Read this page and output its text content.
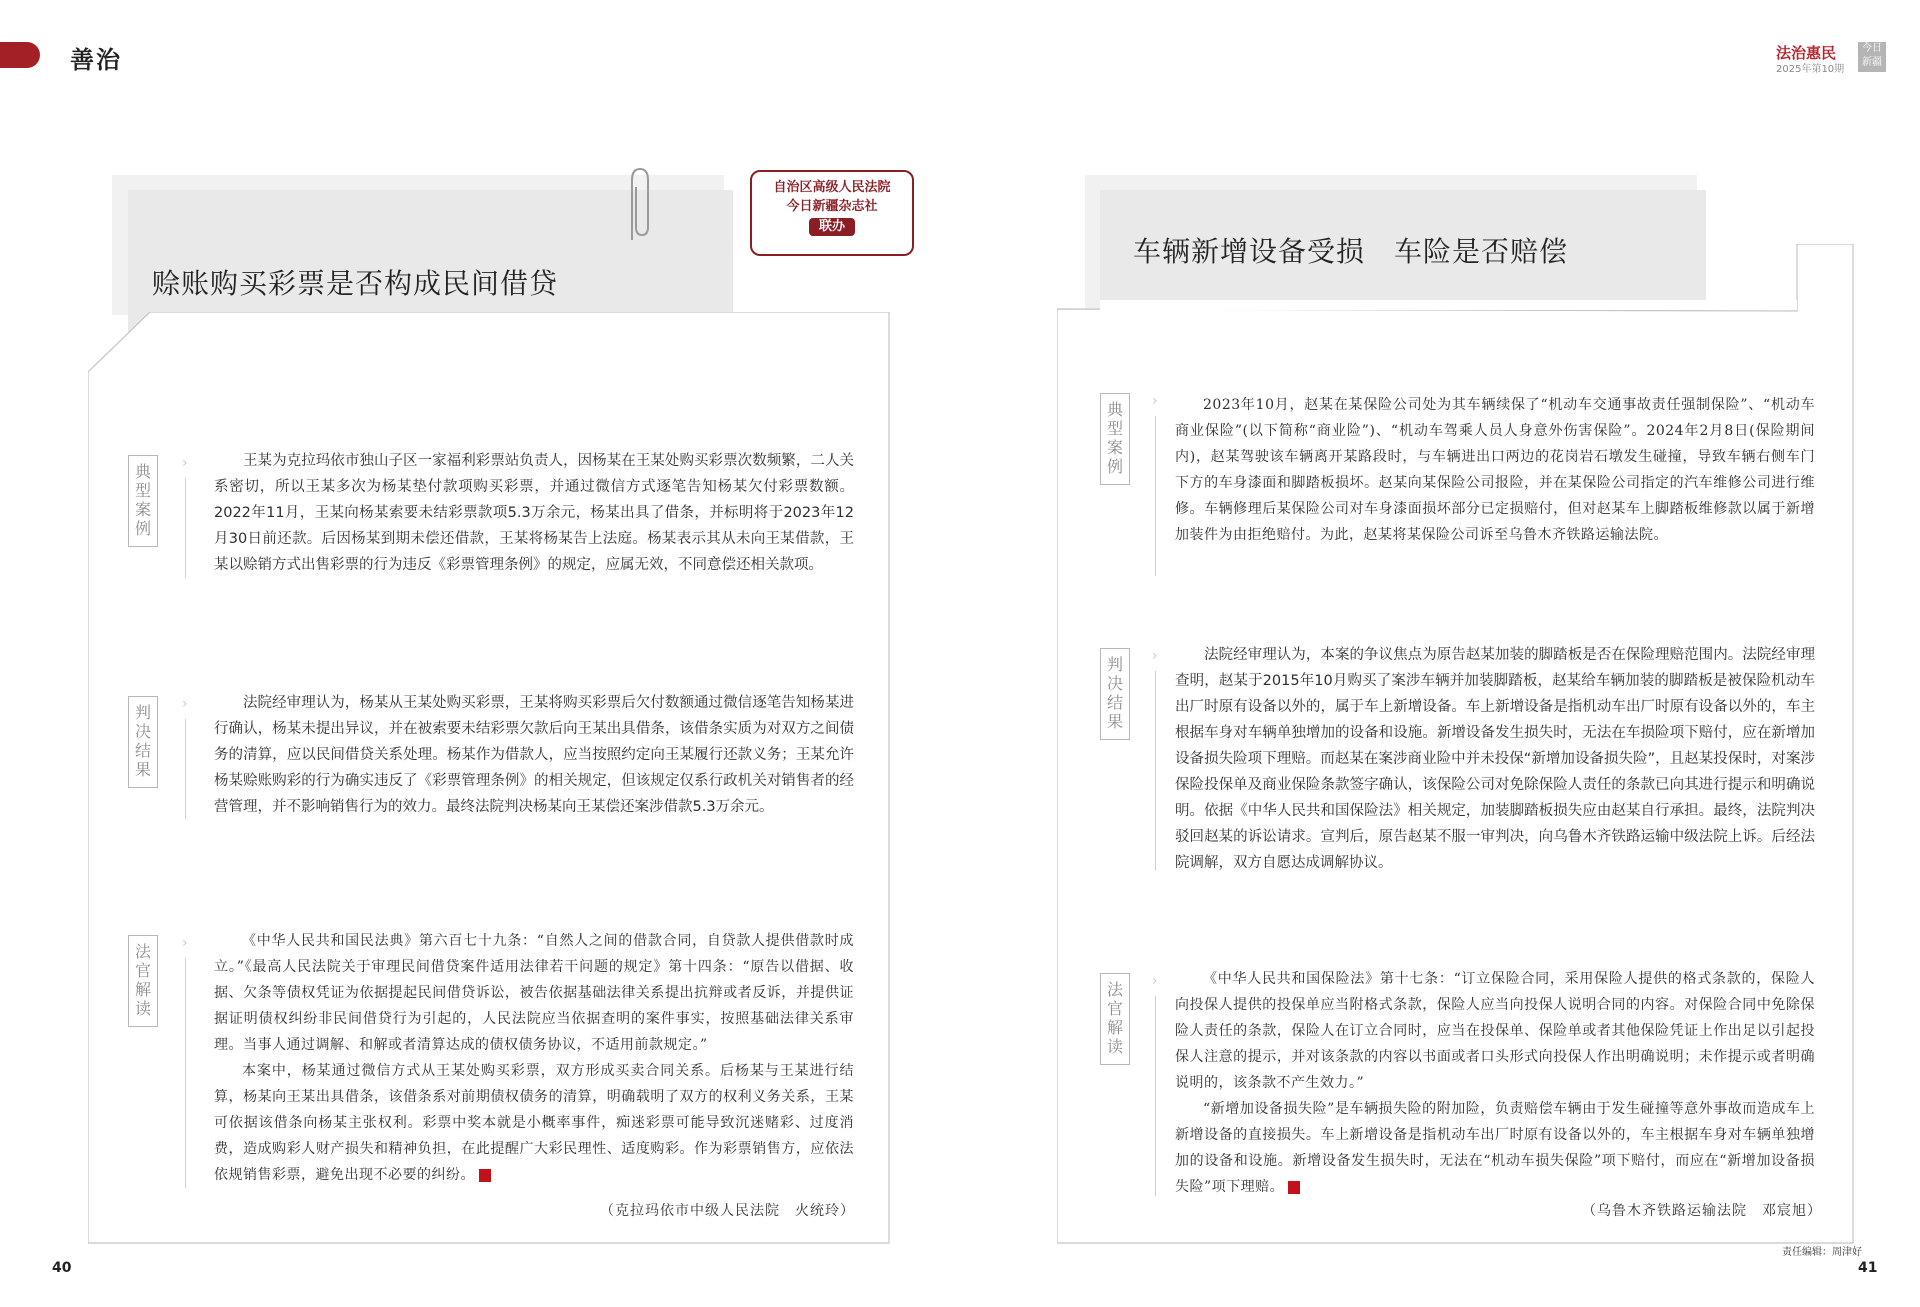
善治	法治惠民
2025年第10期
今日 新疆
赊账购买彩票是否构成民间借贷
自治区高级人民法院
今日新疆杂志社
联办
典
型
案
例
›	王某为克拉玛依市独山子区一家福利彩票站负责人，因杨某在王某处购买彩票次数频繁，二人关系密切，所以王某多次为杨某垫付款项购买彩票，并通过微信方式逐笔告知杨某欠付彩票数额。2022年11月，王某向杨某索要未结彩票款项5.3万余元，杨某出具了借条，并标明将于2023年12月30日前还款。后因杨某到期未偿还借款，王某将杨某告上法庭。杨某表示其从未向王某借款，王某以赊销方式出售彩票的行为违反《彩票管理条例》的规定，应属无效，不同意偿还相关款项。

判
决
结
果
›	法院经审理认为，杨某从王某处购买彩票，王某将购买彩票后欠付数额通过微信逐笔告知杨某进行确认，杨某未提出异议，并在被索要未结彩票欠款后向王某出具借条，该借条实质为对双方之间债务的清算，应以民间借贷关系处理。杨某作为借款人，应当按照约定向王某履行还款义务；王某允许杨某赊账购彩的行为确实违反了《彩票管理条例》的相关规定，但该规定仅系行政机关对销售者的经营管理，并不影响销售行为的效力。最终法院判决杨某向王某偿还案涉借款5.3万余元。

法
官
解
读
›	《中华人民共和国民法典》第六百七十九条：“自然人之间的借款合同，自贷款人提供借款时成立。”《最高人民法院关于审理民间借贷案件适用法律若干问题的规定》第十四条：“原告以借据、收据、欠条等债权凭证为依据提起民间借贷诉讼，被告依据基础法律关系提出抗辩或者反诉，并提供证据证明债权纠纷非民间借贷行为引起的，人民法院应当依据查明的案件事实，按照基础法律关系审理。当事人通过调解、和解或者清算达成的债权债务协议，不适用前款规定。”

本案中，杨某通过微信方式从王某处购买彩票，双方形成买卖合同关系。后杨某与王某进行结算，杨某向王某出具借条，该借条系对前期债权债务的清算，明确载明了双方的权利义务关系，王某可依据该借条向杨某主张权利。彩票中奖本就是小概率事件，痴迷彩票可能导致沉迷赌彩、过度消费，造成购彩人财产损失和精神负担，在此提醒广大彩民理性、适度购彩。作为彩票销售方，应依法依规销售彩票，避免出现不必要的纠纷。	J

（克拉玛依市中级人民法院　火统玲）
车辆新增设备受损　车险是否赔偿
典
型
案
例
›	2023年10月，赵某在某保险公司处为其车辆续保了“机动车交通事故责任强制保险”、“机动车商业保险”(以下简称“商业险”)、“机动车驾乘人员人身意外伤害保险”。2024年2月8日(保险期间内)，赵某驾驶该车辆离开某路段时，与车辆进出口两边的花岗岩石墩发生碰撞，导致车辆右侧车门下方的车身漆面和脚踏板损坏。赵某向某保险公司报险，并在某保险公司指定的汽车维修公司进行维修。车辆修理后某保险公司对车身漆面损坏部分已定损赔付，但对赵某车上脚踏板维修款以属于新增加装件为由拒绝赔付。为此，赵某将某保险公司诉至乌鲁木齐铁路运输法院。

判
决
结
果
›	法院经审理认为，本案的争议焦点为原告赵某加装的脚踏板是否在保险理赔范围内。法院经审理查明，赵某于2015年10月购买了案涉车辆并加装脚踏板，赵某给车辆加装的脚踏板是被保险机动车出厂时原有设备以外的，属于车上新增设备。车上新增设备是指机动车出厂时原有设备以外的，车主根据车身对车辆单独增加的设备和设施。新增设备发生损失时，无法在车损险项下赔付，应在新增加设备损失险项下理赔。而赵某在案涉商业险中并未投保“新增加设备损失险”，且赵某投保时，对案涉保险投保单及商业保险条款签字确认，该保险公司对免除保险人责任的条款已向其进行提示和明确说明。依据《中华人民共和国保险法》相关规定，加装脚踏板损失应由赵某自行承担。最终，法院判决驳回赵某的诉讼请求。宣判后，原告赵某不服一审判决，向乌鲁木齐铁路运输中级法院上诉。后经法院调解，双方自愿达成调解协议。

法
官
解
读
›	《中华人民共和国保险法》第十七条：“订立保险合同，采用保险人提供的格式条款的，保险人向投保人提供的投保单应当附格式条款，保险人应当向投保人说明合同的内容。对保险合同中免除保险人责任的条款，保险人在订立合同时，应当在投保单、保险单或者其他保险凭证上作出足以引起投保人注意的提示，并对该条款的内容以书面或者口头形式向投保人作出明确说明；未作提示或者明确说明的，该条款不产生效力。”

“新增加设备损失险”是车辆损失险的附加险，负责赔偿车辆由于发生碰撞等意外事故而造成车上新增设备的直接损失。车上新增设备是指机动车出厂时原有设备以外的，车主根据车身对车辆单独增加的设备和设施。新增设备发生损失时，无法在“机动车损失保险”项下赔付，而应在“新增加设备损失险”项下理赔。	J

（乌鲁木齐铁路运输法院　邓宸旭）
40
责任编辑：周津好
41
